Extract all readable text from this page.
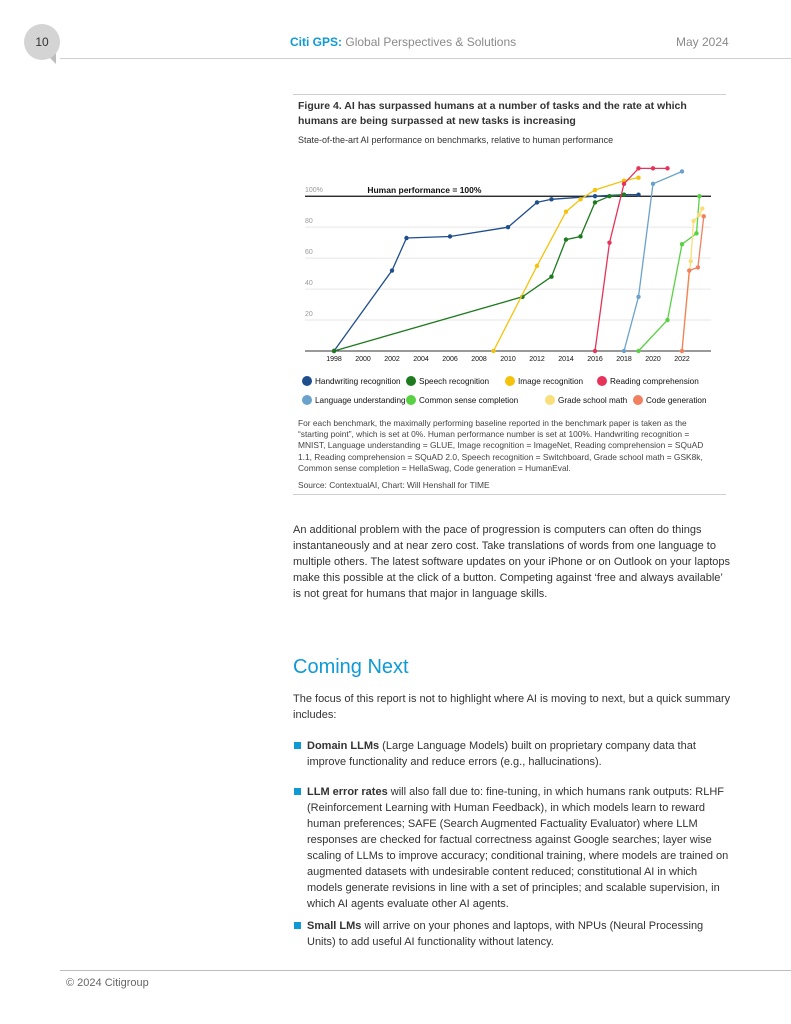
10	Citi GPS: Global Perspectives & Solutions	May 2024
Figure 4. AI has surpassed humans at a number of tasks and the rate at which humans are being surpassed at new tasks is increasing
State-of-the-art AI performance on benchmarks, relative to human performance
Human performance = 100%
1998 2000 2002 2004 2006 2008 2010 2012 2014 2016 2018 2020 2022
20
40
60
80
100%
Handwriting recognition Speech recognition	Image recognition	Reading comprehension
Language understanding Common sense completion	Grade school math Code generation
For each benchmark, the maximally performing baseline reported in the benchmark paper is taken as the “starting point”, which is set at 0%. Human performance number is set at 100%. Handwriting recognition = MNIST, Language understanding = GLUE, Image recognition = ImageNet, Reading comprehension = SQuAD 1.1, Reading comprehension = SQuAD 2.0, Speech recognition = Switchboard, Grade school math = GSK8k, Common sense completion = HellaSwag, Code generation = HumanEval.
Source: ContextualAI, Chart: Will Henshall for TIME

An additional problem with the pace of progression is computers can often do things instantaneously and at near zero cost. Take translations of words from one language to multiple others. The latest software updates on your iPhone or on Outlook on your laptops make this possible at the click of a button. Competing against ‘free and always available’ is not great for humans that major in language skills.

Coming Next

The focus of this report is not to highlight where AI is moving to next, but a quick summary includes:

Domain LLMs (Large Language Models) built on proprietary company data that improve functionality and reduce errors (e.g., hallucinations).

LLM error rates will also fall due to: fine-tuning, in which humans rank outputs: RLHF (Reinforcement Learning with Human Feedback), in which models learn to reward human preferences; SAFE (Search Augmented Factuality Evaluator) where LLM responses are checked for factual correctness against Google searches; layer wise scaling of LLMs to improve accuracy; conditional training, where models are trained on augmented datasets with undesirable content reduced; constitutional AI in which models generate revisions in line with a set of principles; and scalable supervision, in which AI agents evaluate other AI agents.

Small LMs will arrive on your phones and laptops, with NPUs (Neural Processing Units) to add useful AI functionality without latency.

© 2024 Citigroup
